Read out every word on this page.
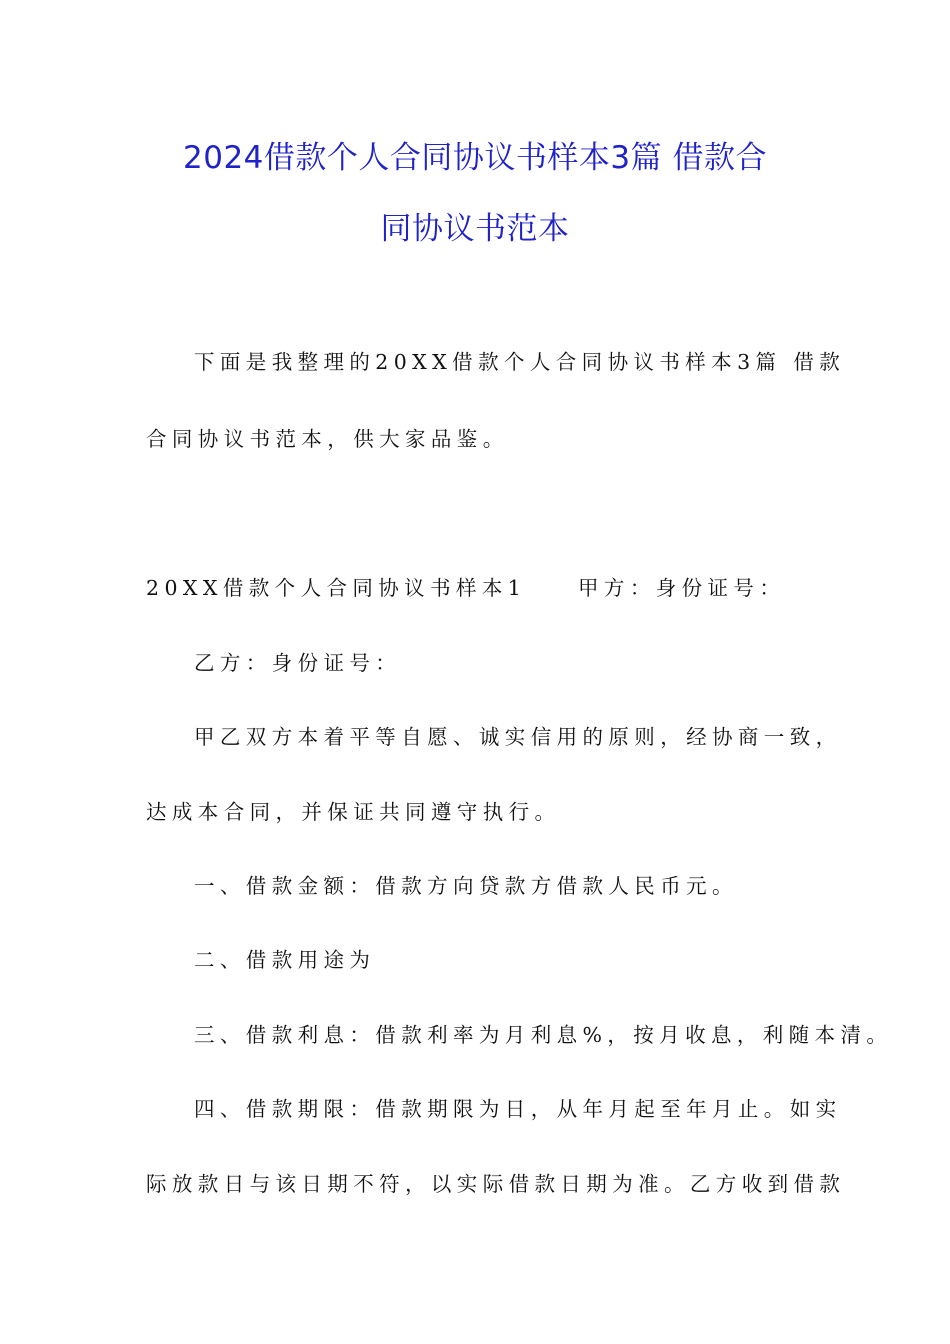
2024借款个人合同协议书样本3篇 借款合
同协议书范本
下面是我整理的20XX借款个人合同协议书样本3篇 借款
合同协议书范本，供大家品鉴。
20XX借款个人合同协议书样本1　　甲方：身份证号：
乙方：身份证号：
甲乙双方本着平等自愿、诚实信用的原则，经协商一致，
达成本合同，并保证共同遵守执行。
一、借款金额：借款方向贷款方借款人民币元。
二、借款用途为
三、借款利息：借款利率为月利息%，按月收息，利随本清。
四、借款期限：借款期限为日，从年月起至年月止。如实
际放款日与该日期不符，以实际借款日期为准。乙方收到借款
